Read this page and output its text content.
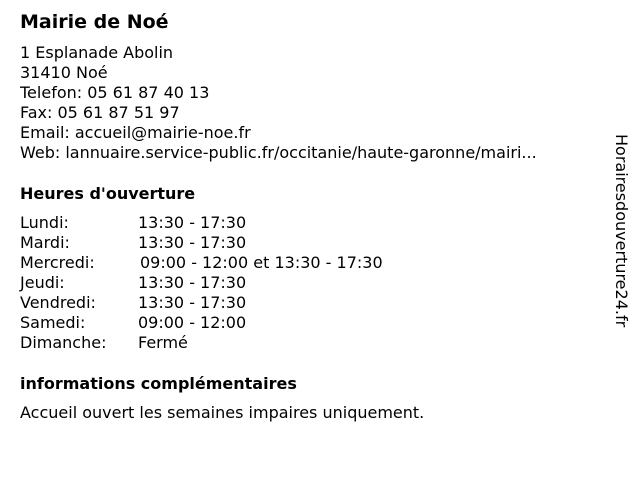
Mairie de Noé
1 Esplanade Abolin
31410 Noé
Telefon: 05 61 87 40 13
Fax: 05 61 87 51 97
Email: accueil@mairie-noe.fr
Web: lannuaire.service-public.fr/occitanie/haute-garonne/mairi...
Heures d'ouverture
Lundi:	13:30 - 17:30
Mardi:	13:30 - 17:30
Mercredi:	09:00 - 12:00 et 13:30 - 17:30
Jeudi:	13:30 - 17:30
Vendredi:	13:30 - 17:30
Samedi:	09:00 - 12:00
Dimanche: Fermé
informations complémentaires
Accueil ouvert les semaines impaires uniquement.
Horairesdouverture24.fr
